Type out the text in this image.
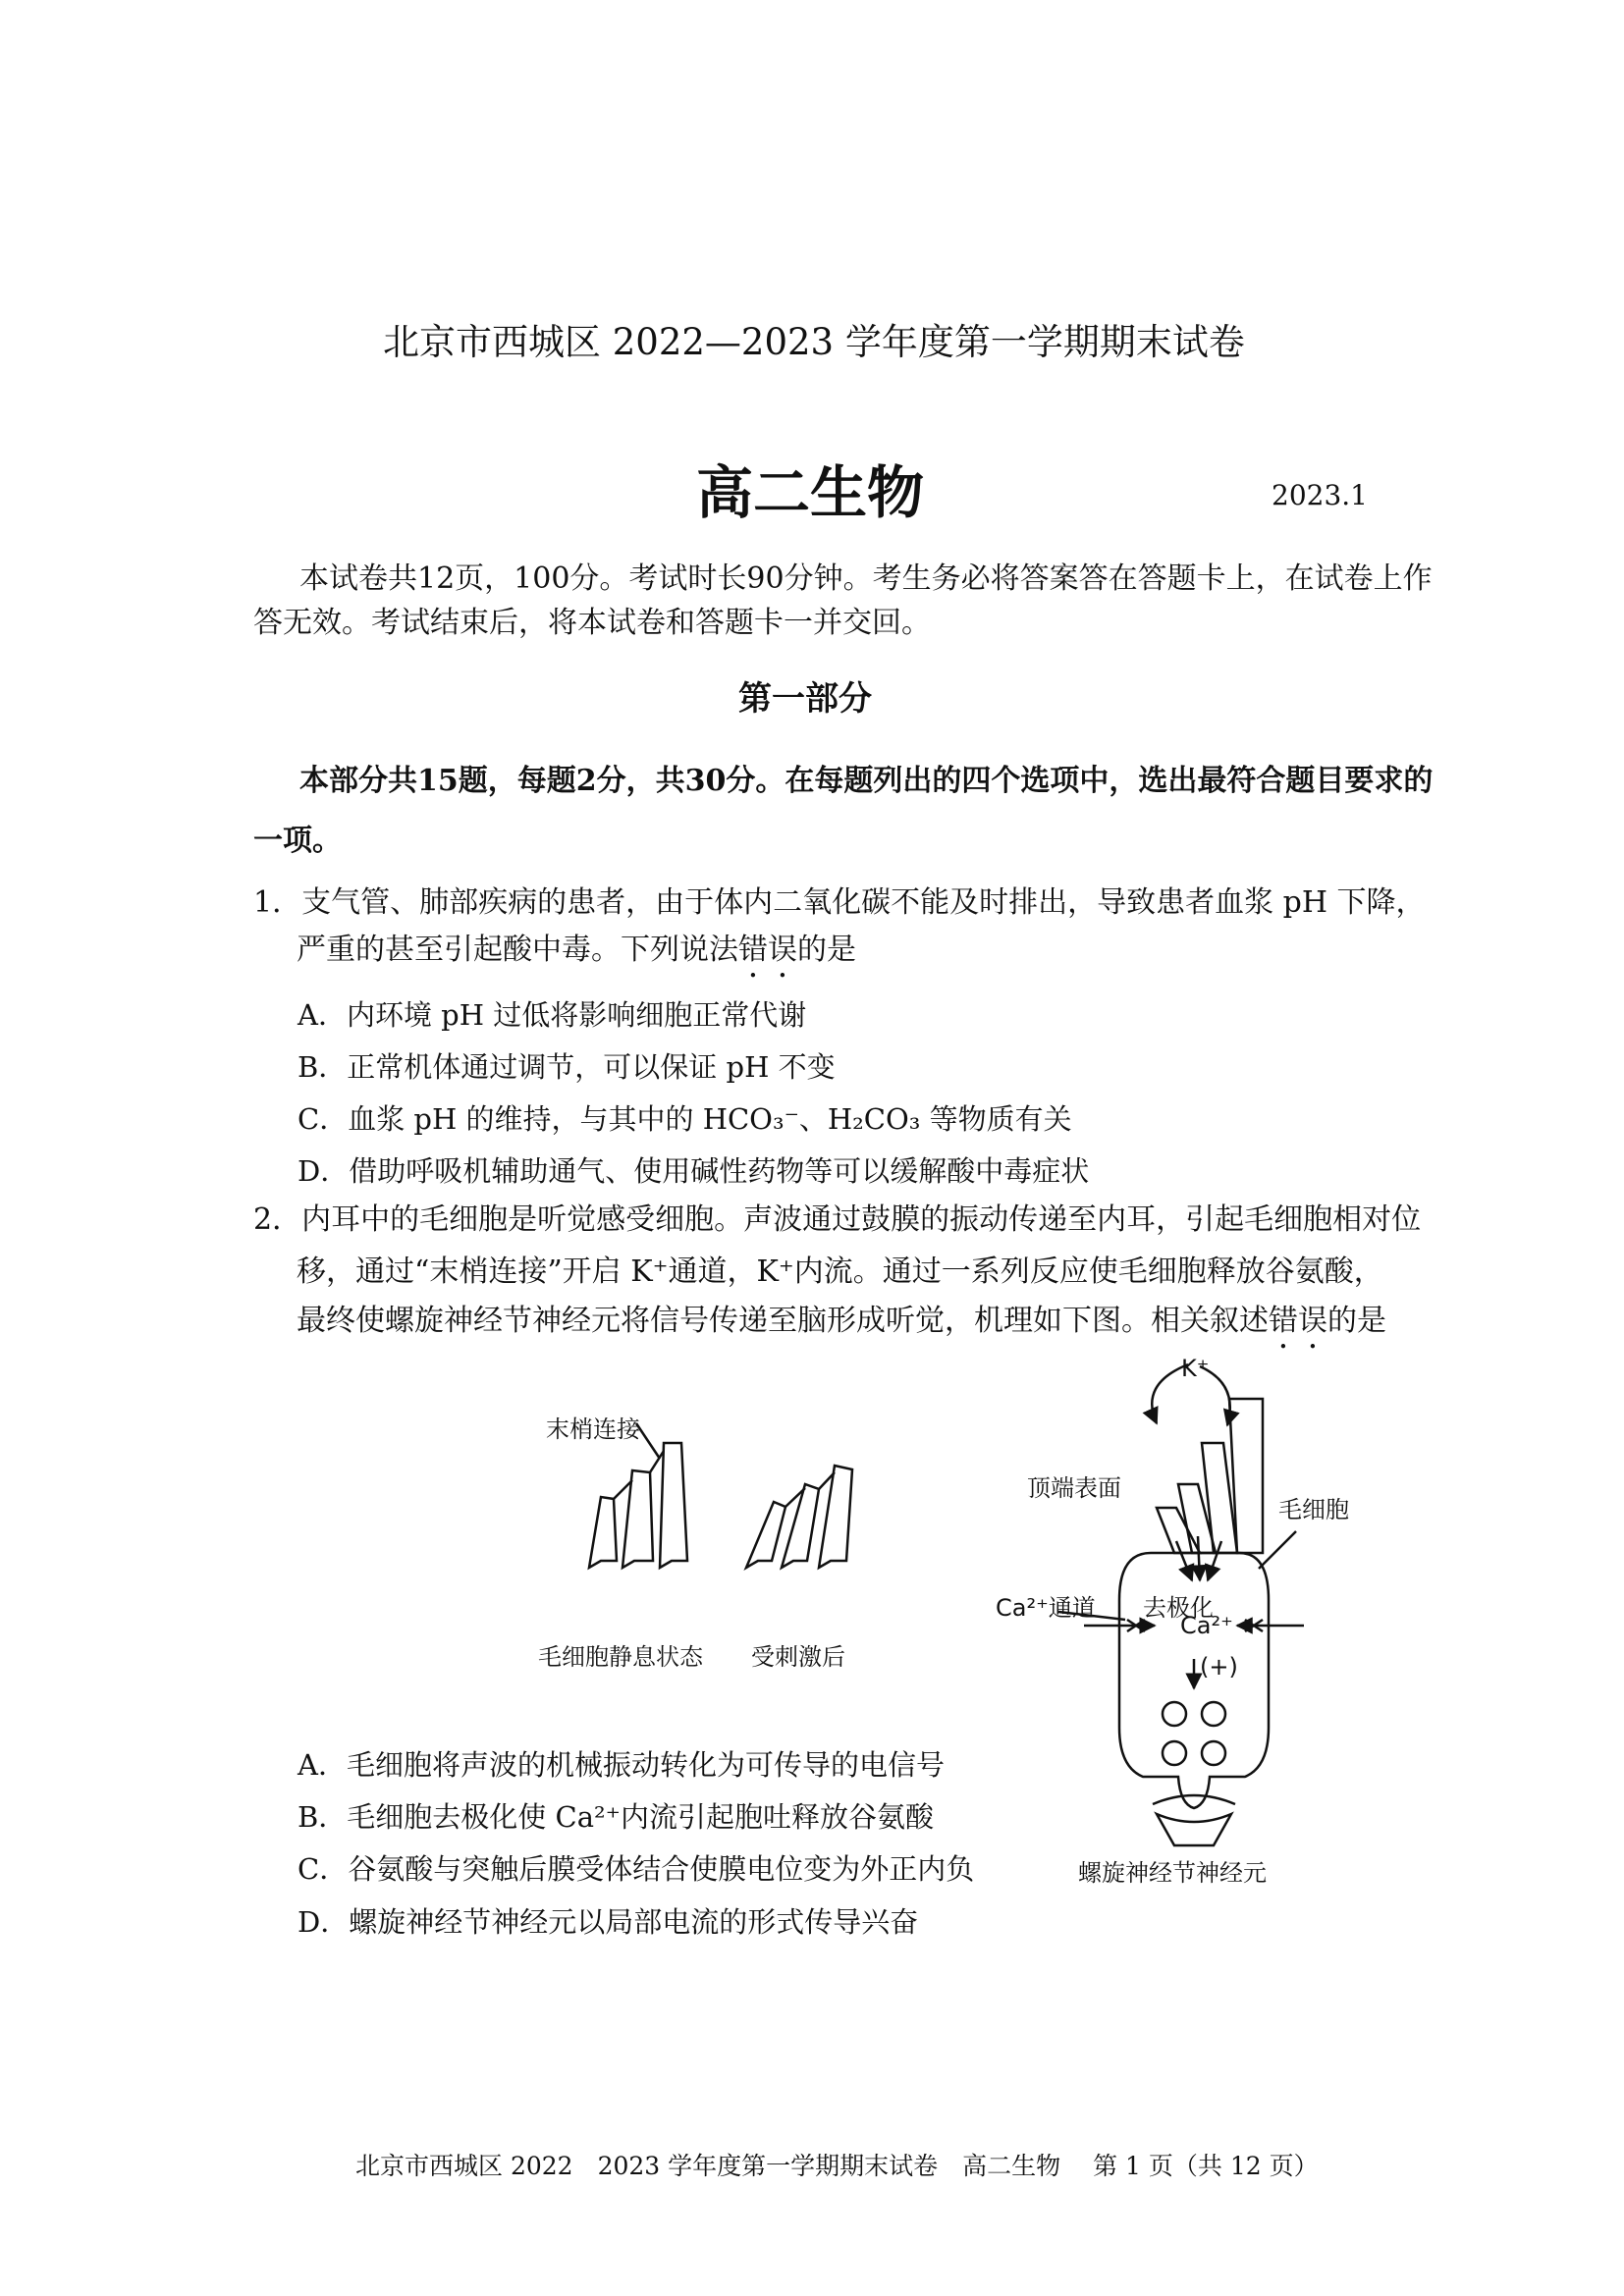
北京市西城区 2022—2023 学年度第一学期期末试卷
高二生物	2023.1
本试卷共12页，100分。考试时长90分钟。考生务必将答案答在答题卡上，在试卷上作
答无效。考试结束后，将本试卷和答题卡一并交回。
第一部分
本部分共15题，每题2分，共30分。在每题列出的四个选项中，选出最符合题目要求的
一项。
1．支气管、肺部疾病的患者，由于体内二氧化碳不能及时排出，导致患者血浆 pH 下降，
严重的甚至引起酸中毒。下列说法错误的是
A．内环境 pH 过低将影响细胞正常代谢
B．正常机体通过调节，可以保证 pH 不变
C．血浆 pH 的维持，与其中的 HCO₃⁻、H₂CO₃ 等物质有关
D．借助呼吸机辅助通气、使用碱性药物等可以缓解酸中毒症状
2．内耳中的毛细胞是听觉感受细胞。声波通过鼓膜的振动传递至内耳，引起毛细胞相对位
移，通过“末梢连接”开启 K⁺通道，K⁺内流。通过一系列反应使毛细胞释放谷氨酸，
最终使螺旋神经节神经元将信号传递至脑形成听觉，机理如下图。相关叙述错误的是
末梢连接
毛细胞静息状态 受刺激后
K⁺
顶端表面
毛细胞
Ca²⁺通道 去极化
Ca²⁺
(+)
螺旋神经节神经元
A．毛细胞将声波的机械振动转化为可传导的电信号
B．毛细胞去极化使 Ca²⁺内流引起胞吐释放谷氨酸
C．谷氨酸与突触后膜受体结合使膜电位变为外正内负
D．螺旋神经节神经元以局部电流的形式传导兴奋
北京市西城区 2022　2023 学年度第一学期期末试卷　高二生物　 第 1 页（共 12 页）
